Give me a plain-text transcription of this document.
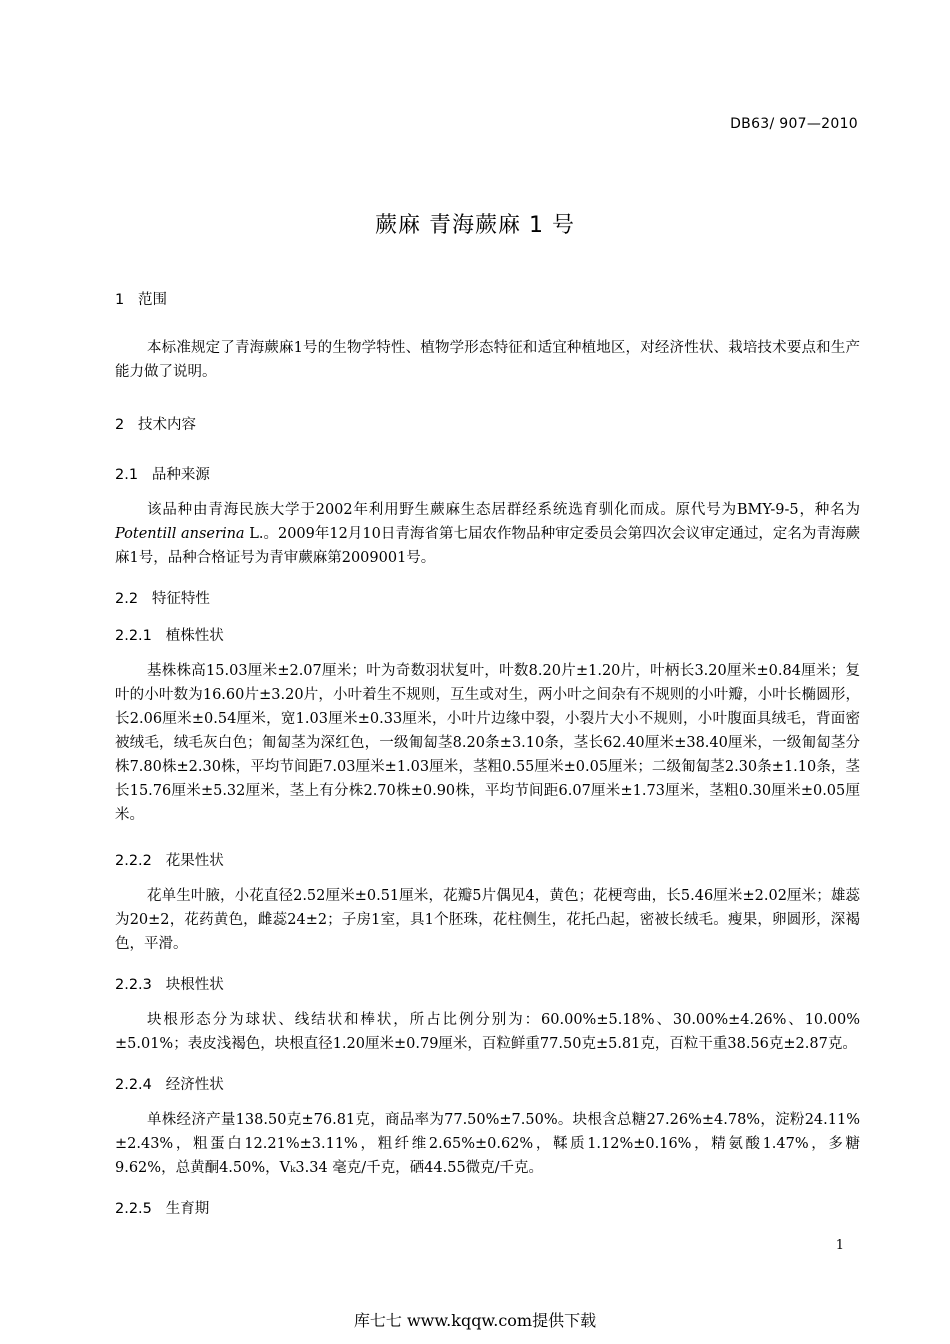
DB63/ 907—2010
蕨麻 青海蕨麻 1 号
1   范围
本标准规定了青海蕨麻1号的生物学特性、植物学形态特征和适宜种植地区，对经济性状、栽培技术要点和生产能力做了说明。
2   技术内容
2.1   品种来源
该品种由青海民族大学于2002年利用野生蕨麻生态居群经系统选育驯化而成。原代号为BMY-9-5，种名为Potentill anserina L.。2009年12月10日青海省第七届农作物品种审定委员会第四次会议审定通过，定名为青海蕨麻1号，品种合格证号为青审蕨麻第2009001号。
2.2   特征特性
2.2.1   植株性状
基株株高15.03厘米±2.07厘米；叶为奇数羽状复叶，叶数8.20片±1.20片，叶柄长3.20厘米±0.84厘米；复叶的小叶数为16.60片±3.20片，小叶着生不规则，互生或对生，两小叶之间杂有不规则的小叶瓣，小叶长椭圆形，长2.06厘米±0.54厘米，宽1.03厘米±0.33厘米，小叶片边缘中裂，小裂片大小不规则，小叶腹面具绒毛，背面密被绒毛，绒毛灰白色；匍匐茎为深红色，一级匍匐茎8.20条±3.10条，茎长62.40厘米±38.40厘米，一级匍匐茎分株7.80株±2.30株，平均节间距7.03厘米±1.03厘米，茎粗0.55厘米±0.05厘米；二级匍匐茎2.30条±1.10条，茎长15.76厘米±5.32厘米，茎上有分株2.70株±0.90株，平均节间距6.07厘米±1.73厘米，茎粗0.30厘米±0.05厘米。
2.2.2   花果性状
花单生叶腋，小花直径2.52厘米±0.51厘米，花瓣5片偶见4，黄色；花梗弯曲，长5.46厘米±2.02厘米；雄蕊为20±2，花药黄色，雌蕊24±2；子房1室，具1个胚珠，花柱侧生，花托凸起，密被长绒毛。瘦果，卵圆形，深褐色，平滑。
2.2.3   块根性状
块根形态分为球状、线结状和棒状，所占比例分别为：60.00%±5.18%、30.00%±4.26%、10.00%±5.01%；表皮浅褐色，块根直径1.20厘米±0.79厘米，百粒鲜重77.50克±5.81克，百粒干重38.56克±2.87克。
2.2.4   经济性状
单株经济产量138.50克±76.81克，商品率为77.50%±7.50%。块根含总糖27.26%±4.78%，淀粉24.11%±2.43%，粗蛋白12.21%±3.11%，粗纤维2.65%±0.62%，鞣质1.12%±0.16%，精氨酸1.47%，多糖9.62%，总黄酮4.50%，Vₖ3.34 毫克/千克，硒44.55微克/千克。
2.2.5   生育期
1
库七七 www.kqqw.com提供下载
